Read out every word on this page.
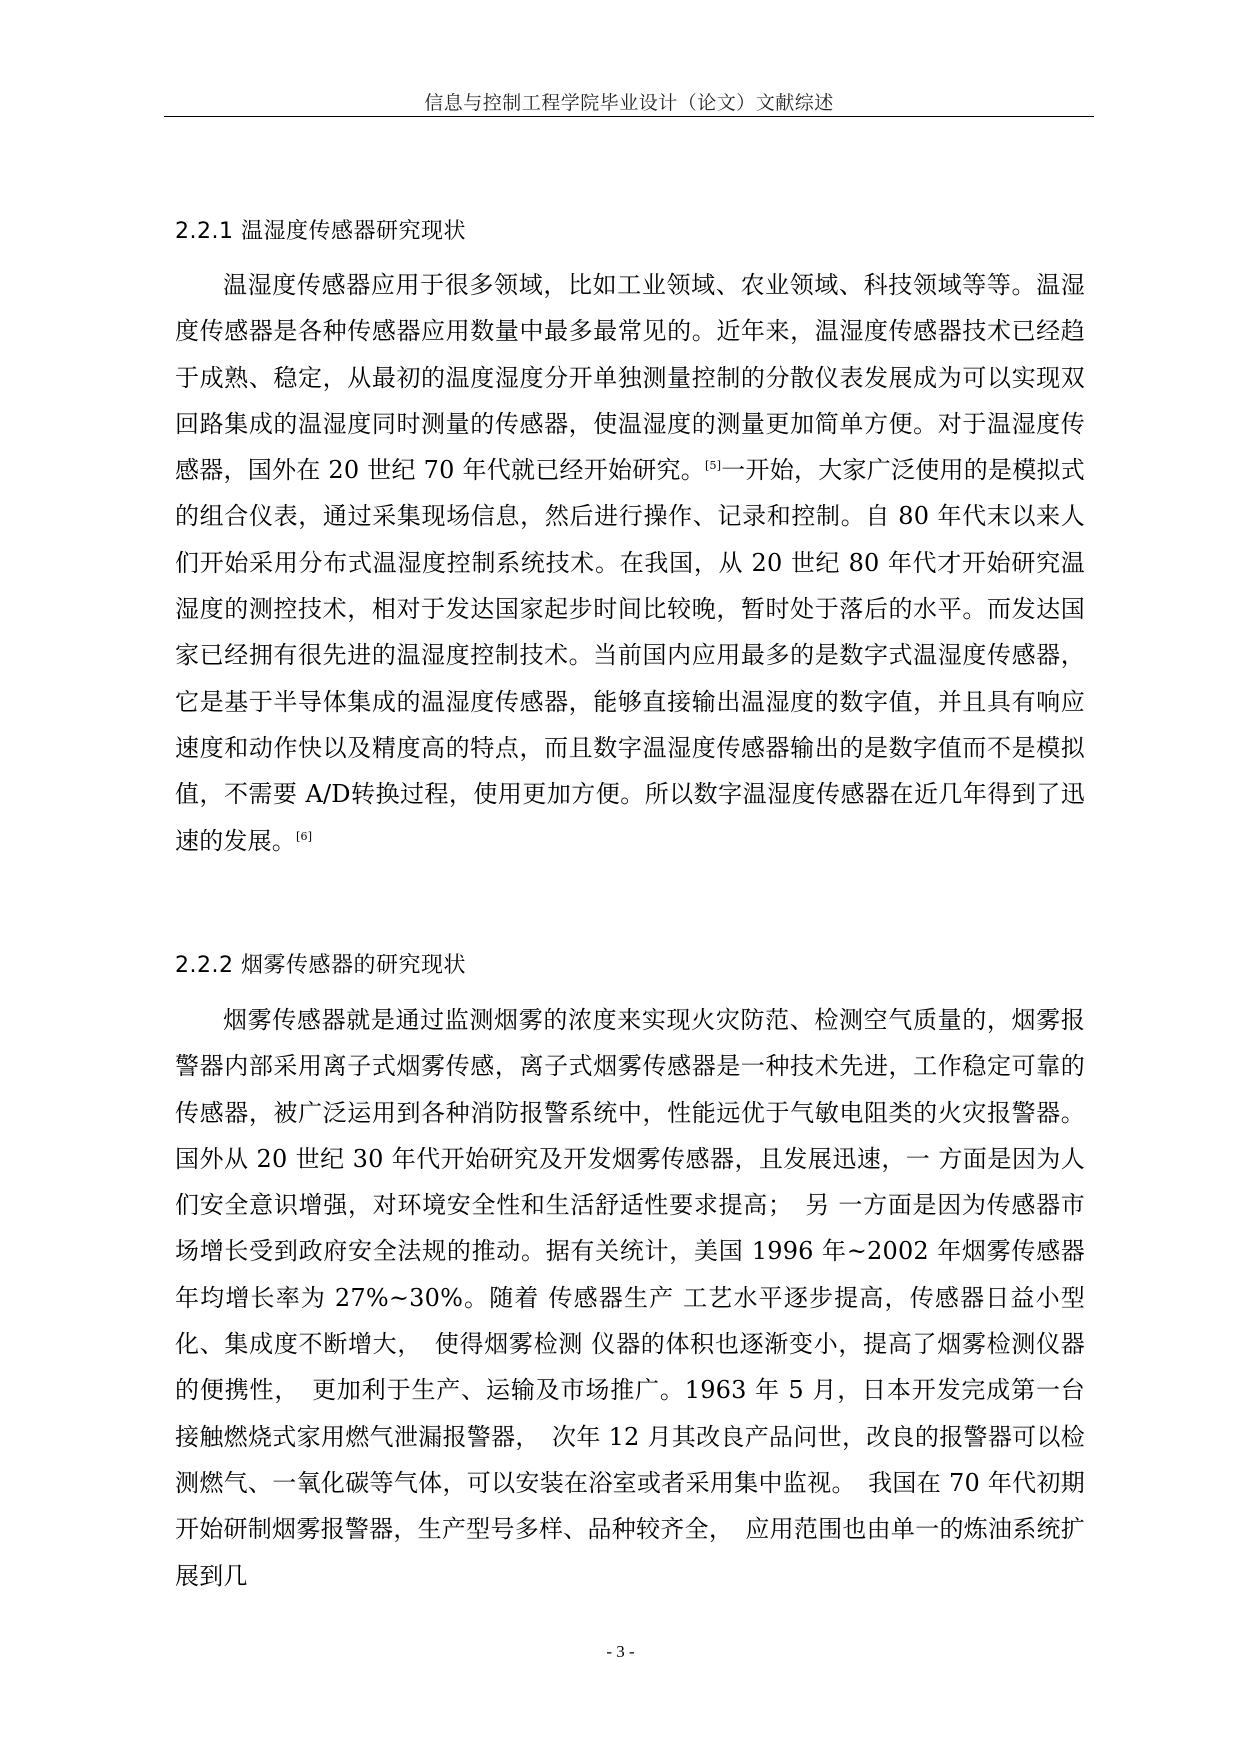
信息与控制工程学院毕业设计（论文）文献综述
2.2.1 温湿度传感器研究现状
温湿度传感器应用于很多领域，比如工业领域、农业领域、科技领域等等。温湿度传感器是各种传感器应用数量中最多最常见的。近年来，温湿度传感器技术已经趋于成熟、稳定，从最初的温度湿度分开单独测量控制的分散仪表发展成为可以实现双回路集成的温湿度同时测量的传感器，使温湿度的测量更加简单方便。对于温湿度传感器，国外在 20 世纪 70 年代就已经开始研究。[5]一开始，大家广泛使用的是模拟式的组合仪表，通过采集现场信息，然后进行操作、记录和控制。自 80 年代末以来人们开始采用分布式温湿度控制系统技术。在我国，从 20 世纪 80 年代才开始研究温湿度的测控技术，相对于发达国家起步时间比较晚，暂时处于落后的水平。而发达国家已经拥有很先进的温湿度控制技术。当前国内应用最多的是数字式温湿度传感器，它是基于半导体集成的温湿度传感器，能够直接输出温湿度的数字值，并且具有响应速度和动作快以及精度高的特点，而且数字温湿度传感器输出的是数字值而不是模拟值，不需要 A/D转换过程，使用更加方便。所以数字温湿度传感器在近几年得到了迅速的发展。[6]
2.2.2 烟雾传感器的研究现状
烟雾传感器就是通过监测烟雾的浓度来实现火灾防范、检测空气质量的，烟雾报警器内部采用离子式烟雾传感，离子式烟雾传感器是一种技术先进，工作稳定可靠的传感器，被广泛运用到各种消防报警系统中，性能远优于气敏电阻类的火灾报警器。国外从 20 世纪 30 年代开始研究及开发烟雾传感器，且发展迅速，一 方面是因为人们安全意识增强，对环境安全性和生活舒适性要求提高；　另 一方面是因为传感器市场增长受到政府安全法规的推动。据有关统计，美国 1996 年~2002 年烟雾传感器年均增长率为 27%~30%。随着 传感器生产 工艺水平逐步提高，传感器日益小型化、集成度不断增大，　使得烟雾检测 仪器的体积也逐渐变小，提高了烟雾检测仪器的便携性，　更加利于生产、运输及市场推广。1963 年 5 月，日本开发完成第一台接触燃烧式家用燃气泄漏报警器，　次年 12 月其改良产品问世，改良的报警器可以检测燃气、一氧化碳等气体，可以安装在浴室或者采用集中监视。　我国在 70 年代初期开始研制烟雾报警器，生产型号多样、品种较齐全，　应用范围也由单一的炼油系统扩展到几
- 3 -
